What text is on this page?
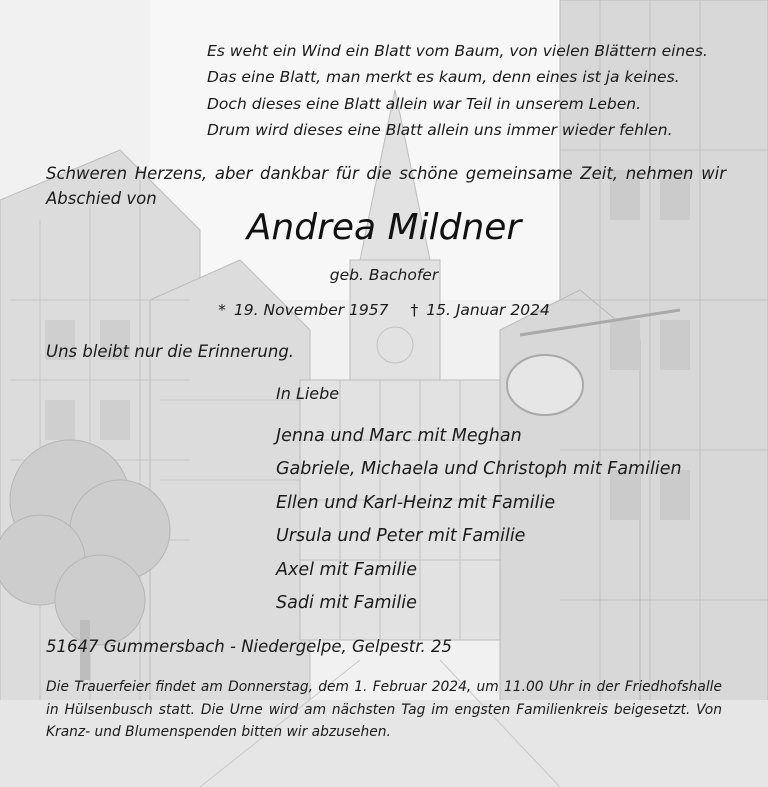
Es weht ein Wind ein Blatt vom Baum, von vielen Blättern eines.
Das eine Blatt, man merkt es kaum, denn eines ist ja keines.
Doch dieses eine Blatt allein war Teil in unserem Leben.
Drum wird dieses eine Blatt allein uns immer wieder fehlen.
Schweren Herzens, aber dankbar für die schöne gemeinsame Zeit, nehmen wir Abschied von
Andrea Mildner
geb. Bachofer
* 19. November 1957 † 15. Januar 2024
Uns bleibt nur die Erinnerung.
In Liebe
Jenna und Marc mit Meghan
Gabriele, Michaela und Christoph mit Familien
Ellen und Karl-Heinz mit Familie
Ursula und Peter mit Familie
Axel mit Familie
Sadi mit Familie
51647 Gummersbach - Niedergelpe, Gelpestr. 25
Die Trauerfeier findet am Donnerstag, dem 1. Februar 2024, um 11.00 Uhr in der Friedhofshalle in Hülsenbusch statt. Die Urne wird am nächsten Tag im engsten Familienkreis beigesetzt. Von Kranz- und Blumenspenden bitten wir abzusehen.
